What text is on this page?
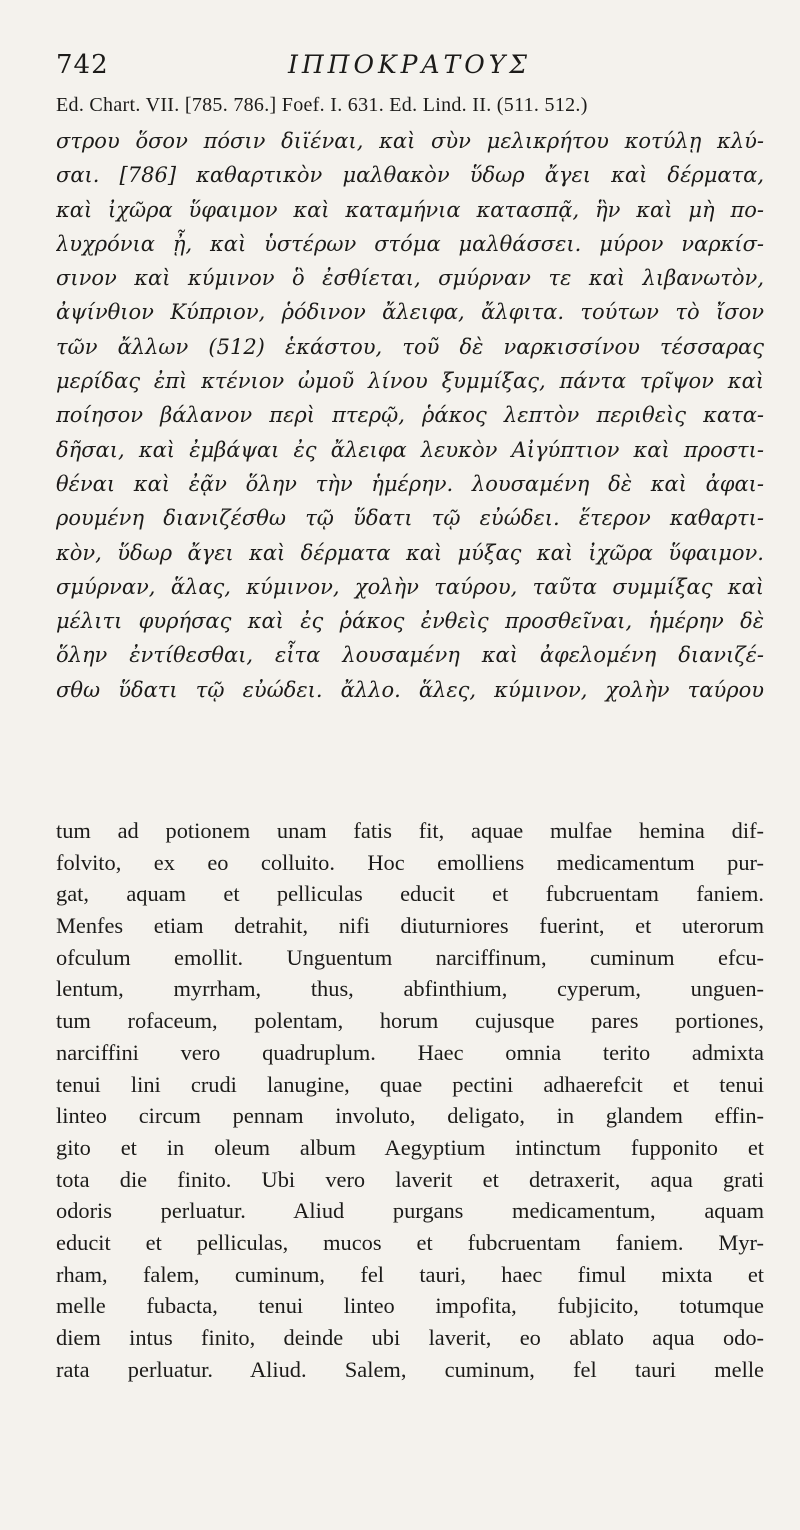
742	ΙΠΠΟΚΡΑΤΟΥΣ
Ed. Chart. VII. [785. 786.] Foef. I. 631. Ed. Lind. II. (511. 512.)
στρου ὅσον πόσιν διϊέναι, καὶ σὺν μελικρήτου κοτύλῃ κλύ-
σαι. [786] καθαρτικὸν μαλθακὸν ὕδωρ ἄγει καὶ δέρματα,
καὶ ἰχῶρα ὕφαιμον καὶ καταμήνια κατασπᾷ, ἣν καὶ μὴ πο-
λυχρόνια ᾖ, καὶ ὑστέρων στόμα μαλθάσσει. μύρον ναρκίσ-
σινον καὶ κύμινον ὃ ἐσθίεται, σμύρναν τε καὶ λιβανωτὸν,
ἀψίνθιον Κύπριον, ῥόδινον ἄλειφα, ἄλφιτα. τούτων τὸ ἴσον
τῶν ἄλλων (512) ἑκάστου, τοῦ δὲ ναρκισσίνου τέσσαρας
μερίδας ἐπὶ κτένιον ὠμοῦ λίνου ξυμμίξας, πάντα τρῖψον καὶ
ποίησον βάλανον περὶ πτερῷ, ῥάκος λεπτὸν περιθεὶς κατα-
δῆσαι, καὶ ἐμβάψαι ἐς ἄλειφα λευκὸν Αἰγύπτιον καὶ προστι-
θέναι καὶ ἐᾷν ὅλην τὴν ἡμέρην. λουσαμένη δὲ καὶ ἀφαι-
ρουμένη διανιζέσθω τῷ ὕδατι τῷ εὐώδει. ἕτερον καθαρτι-
κὸν, ὕδωρ ἄγει καὶ δέρματα καὶ μύξας καὶ ἰχῶρα ὕφαιμον.
σμύρναν, ἅλας, κύμινον, χολὴν ταύρου, ταῦτα συμμίξας καὶ
μέλιτι φυρήσας καὶ ἐς ῥάκος ἐνθεὶς προσθεῖναι, ἡμέρην δὲ
ὅλην ἐντίθεσθαι, εἶτα λουσαμένη καὶ ἀφελομένη διανιζέ-
σθω ὕδατι τῷ εὐώδει. ἄλλο. ἅλες, κύμινον, χολὴν ταύρου
tum ad potionem unam fatis fit, aquae mulfae hemina dif-
folvito, ex eo colluito. Hoc emolliens medicamentum pur-
gat, aquam et pelliculas educit et fubcruentam faniem.
Menfes etiam detrahit, nifi diuturniores fuerint, et uterorum
ofculum emollit. Unguentum narciffinum, cuminum efcu-
lentum, myrrham, thus, abfinthium, cyperum, unguen-
tum rofaceum, polentam, horum cujusque pares portiones,
narciffini vero quadruplum. Haec omnia terito admixta
tenui lini crudi lanugine, quae pectini adhaerefcit et tenui
linteo circum pennam involuto, deligato, in glandem effin-
gito et in oleum album Aegyptium intinctum fupponito et
tota die finito. Ubi vero laverit et detraxerit, aqua grati
odoris perluatur. Aliud purgans medicamentum, aquam
educit et pelliculas, mucos et fubcruentam faniem. Myr-
rham, falem, cuminum, fel tauri, haec fimul mixta et
melle fubacta, tenui linteo impofita, fubjicito, totumque
diem intus finito, deinde ubi laverit, eo ablato aqua odo-
rata perluatur. Aliud. Salem, cuminum, fel tauri melle
